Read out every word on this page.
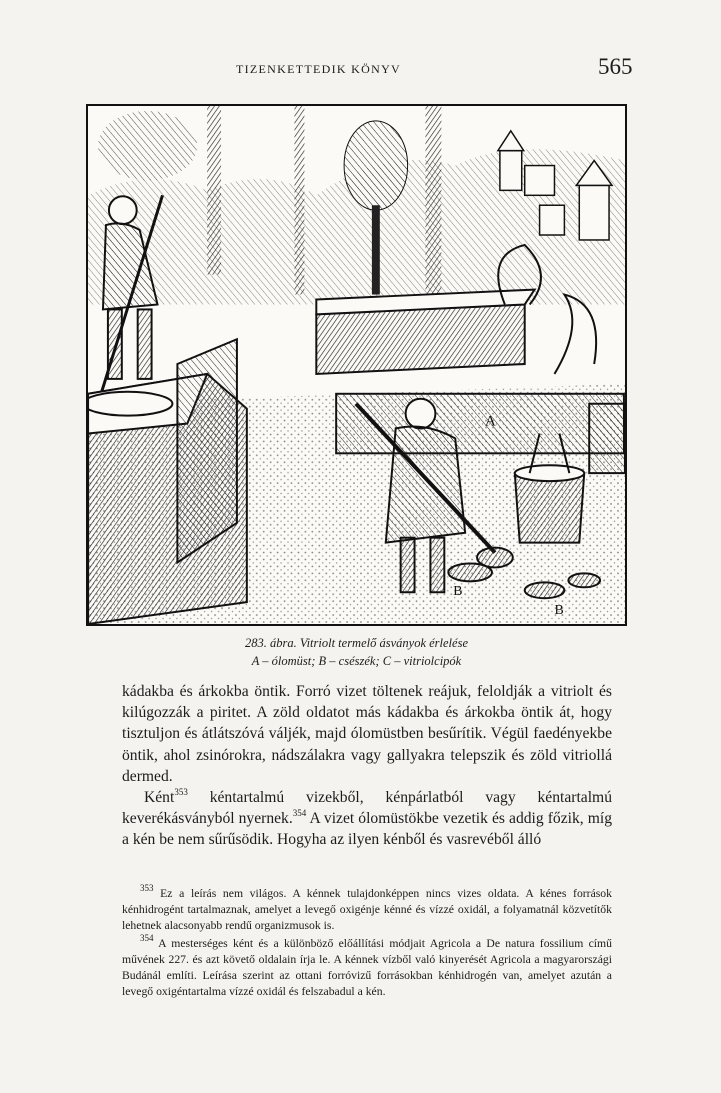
TIZENKETTEDIK KÖNYV	565
A
B
B
283. ábra. Vitriolt termelő ásványok érlelése
A – ólomüst; B – csészék; C – vitriolcipók

kádakba és árkokba öntik. Forró vizet töltenek reájuk, feloldják a vitriolt és kilúgozzák a piritet. A zöld oldatot más kádakba és árkokba öntik át, hogy tisztuljon és átlátszóvá váljék, majd ólomüstben besűrítik. Végül faedényekbe öntik, ahol zsinórokra, nádszálakra vagy gallyakra telepszik és zöld vitriollá dermed.

Ként$^{353}$ kéntartalmú vizekből, kénpárlatból vagy kéntartalmú keverékásványból nyernek.$^{354}$ A vizet ólomüstökbe vezetik és addig főzik, míg a kén be nem sűrűsödik. Hogyha az ilyen kénből és vasrevéből álló

$^{353}$ Ez a leírás nem világos. A kénnek tulajdonképpen nincs vizes oldata. A kénes források kénhidrogént tartalmaznak, amelyet a levegő oxigénje kénné és vízzé oxidál, a folyamatnál közvetítők lehetnek alacsonyabb rendű organizmusok is.

$^{354}$ A mesterséges ként és a különböző előállítási módjait Agricola a De natura fossilium című művének 227. és azt követő oldalain írja le. A kénnek vízből való kinyerését Agricola a magyarországi Budánál említi. Leírása szerint az ottani forróvizű forrásokban kénhidrogén van, amelyet azután a levegő oxigéntartalma vízzé oxidál és felszabadul a kén.
